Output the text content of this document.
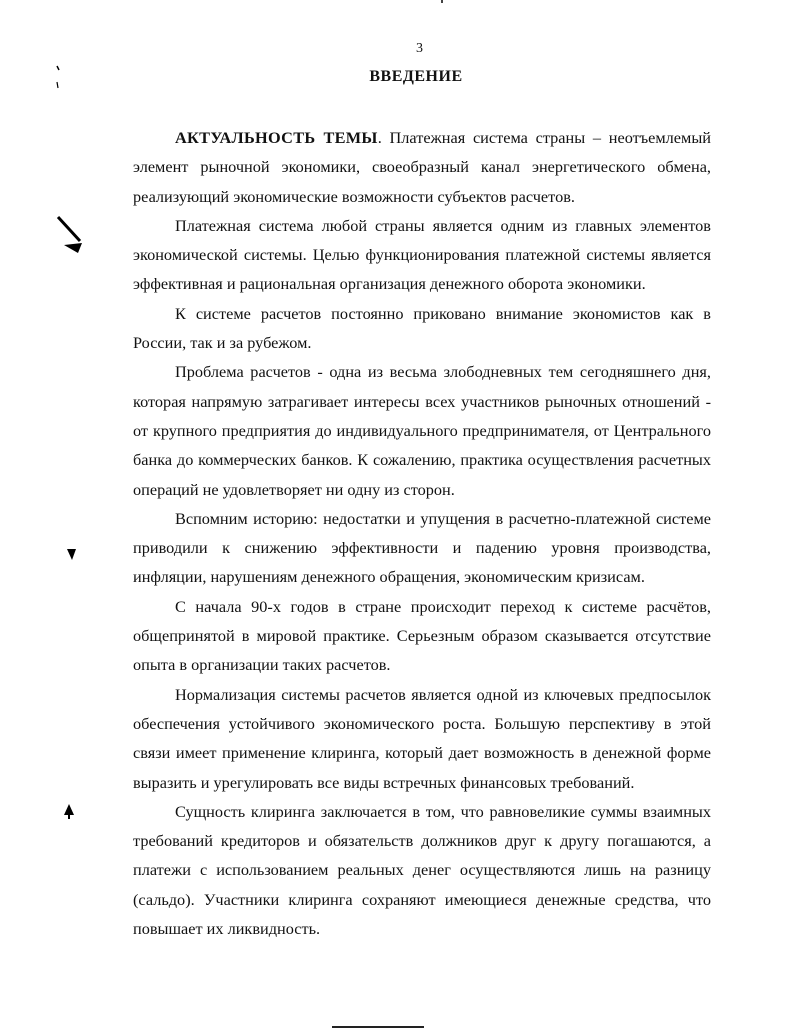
3
ВВЕДЕНИЕ

АКТУАЛЬНОСТЬ ТЕМЫ. Платежная система страны – неотъемлемый элемент рыночной экономики, своеобразный канал энергетического обмена, реализующий экономические возможности субъектов расчетов.

Платежная система любой страны является одним из главных элементов экономической системы. Целью функционирования платежной системы является эффективная и рациональная организация денежного оборота экономики.

К системе расчетов постоянно приковано внимание экономистов как в России, так и за рубежом.

Проблема расчетов - одна из весьма злободневных тем сегодняшнего дня, которая напрямую затрагивает интересы всех участников рыночных отношений - от крупного предприятия до индивидуального предпринимателя, от Центрального банка до коммерческих банков. К сожалению, практика осуществления расчетных операций не удовлетворяет ни одну из сторон.

Вспомним историю: недостатки и упущения в расчетно-платежной системе приводили к снижению эффективности и падению уровня производства, инфляции, нарушениям денежного обращения, экономическим кризисам.

С начала 90-х годов в стране происходит переход к системе расчётов, общепринятой в мировой практике. Серьезным образом сказывается отсутствие опыта в организации таких расчетов.

Нормализация системы расчетов является одной из ключевых предпосылок обеспечения устойчивого экономического роста. Большую перспективу в этой связи имеет применение клиринга, который дает возможность в денежной форме выразить и урегулировать все виды встречных финансовых требований.

Сущность клиринга заключается в том, что равновеликие суммы взаимных требований кредиторов и обязательств должников друг к другу погашаются, а платежи с использованием реальных денег осуществляются лишь на разницу (сальдо). Участники клиринга сохраняют имеющиеся денежные средства, что повышает их ликвидность.
